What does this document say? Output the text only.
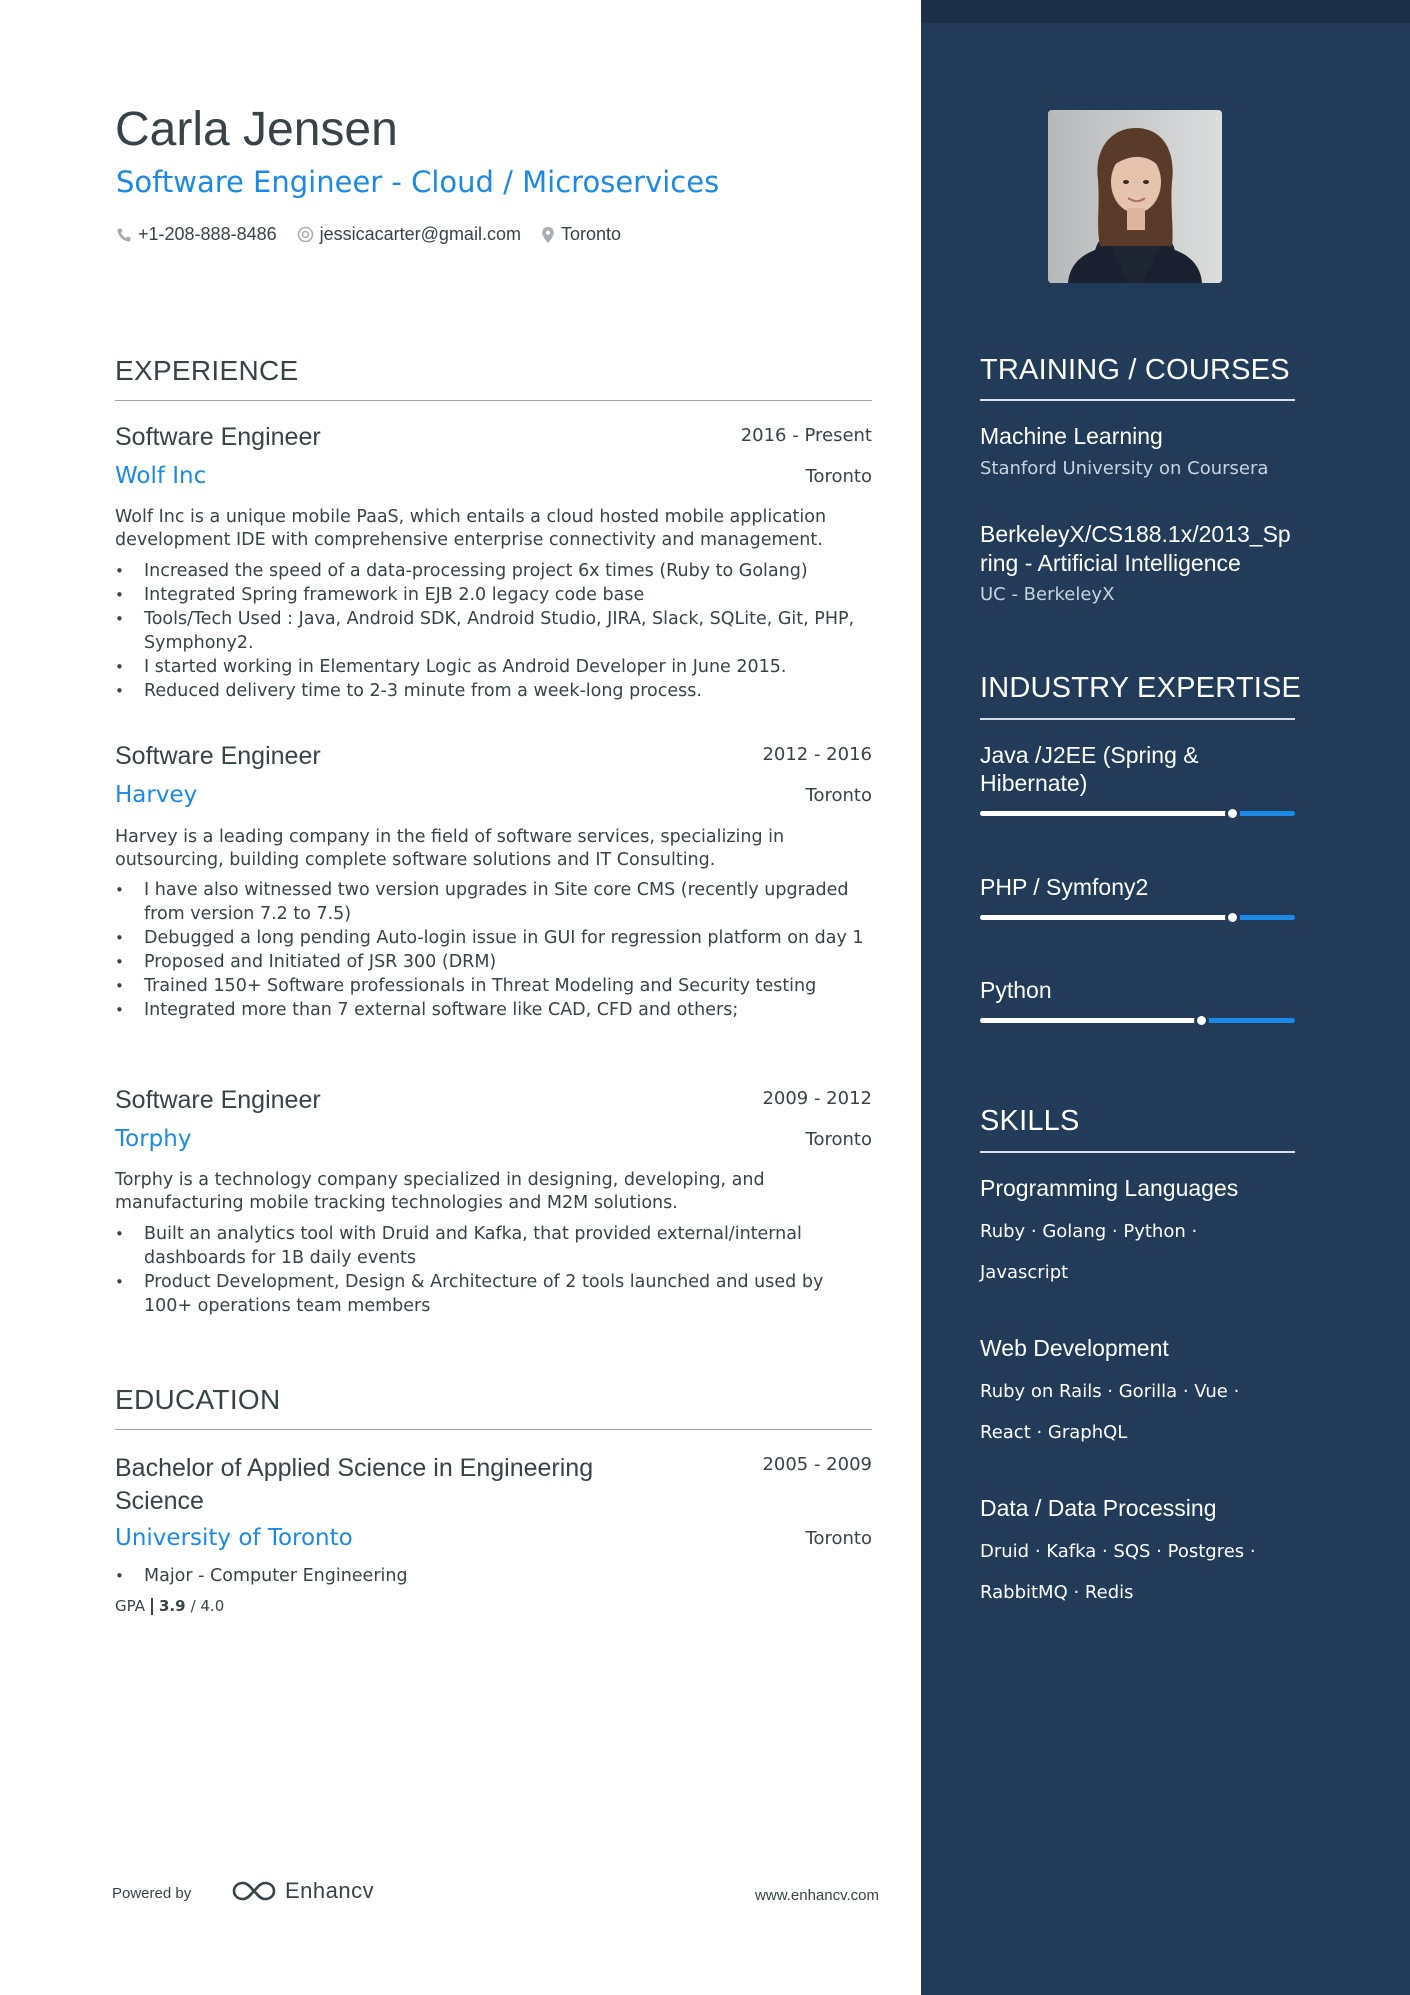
Carla Jensen
Software Engineer - Cloud / Microservices
+1-208-888-8486 jessicacarter@gmail.com Toronto
EXPERIENCE
Software Engineer	2016 - Present
Wolf Inc	Toronto
Wolf Inc is a unique mobile PaaS, which entails a cloud hosted mobile application development IDE with comprehensive enterprise connectivity and management.
• Increased the speed of a data-processing project 6x times (Ruby to Golang)
• Integrated Spring framework in EJB 2.0 legacy code base
• Tools/Tech Used : Java, Android SDK, Android Studio, JIRA, Slack, SQLite, Git, PHP, Symphony2.
• I started working in Elementary Logic as Android Developer in June 2015.
• Reduced delivery time to 2-3 minute from a week-long process.
Software Engineer	2012 - 2016
Harvey	Toronto
Harvey is a leading company in the field of software services, specializing in outsourcing, building complete software solutions and IT Consulting.
• I have also witnessed two version upgrades in Site core CMS (recently upgraded from version 7.2 to 7.5)
• Debugged a long pending Auto-login issue in GUI for regression platform on day 1
• Proposed and Initiated of JSR 300 (DRM)
• Trained 150+ Software professionals in Threat Modeling and Security testing
• Integrated more than 7 external software like CAD, CFD and others;
Software Engineer	2009 - 2012
Torphy	Toronto
Torphy is a technology company specialized in designing, developing, and manufacturing mobile tracking technologies and M2M solutions.
• Built an analytics tool with Druid and Kafka, that provided external/internal dashboards for 1B daily events
• Product Development, Design & Architecture of 2 tools launched and used by 100+ operations team members
EDUCATION
Bachelor of Applied Science in Engineering Science
2005 - 2009
University of Toronto	Toronto
• Major - Computer Engineering
GPA 3.9 / 4.0
Powered by	Enhancv	www.enhancv.com
TRAINING / COURSES
Machine Learning
Stanford University on Coursera
BerkeleyX/CS188.1x/2013_Spring - Artificial Intelligence
UC - BerkeleyX
INDUSTRY EXPERTISE
Java /J2EE (Spring & Hibernate)
PHP / Symfony2
Python
SKILLS
Programming Languages
Ruby · Golang · Python · Javascript
Web Development
Ruby on Rails · Gorilla · Vue · React · GraphQL
Data / Data Processing
Druid · Kafka · SQS · Postgres · RabbitMQ · Redis
